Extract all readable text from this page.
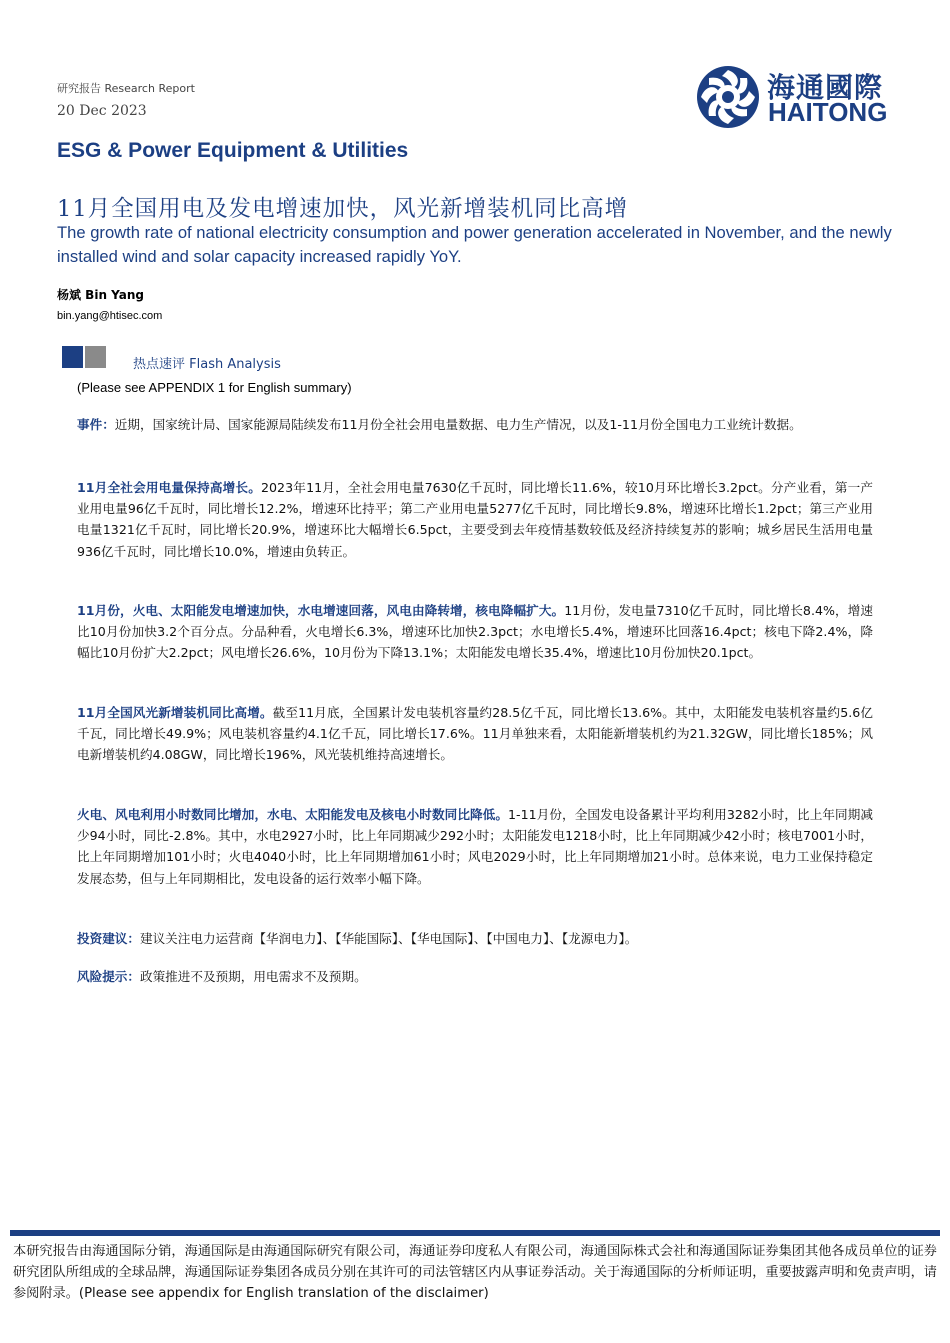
研究报告 Research Report
20 Dec 2023
海通國際
HAITONG
ESG & Power Equipment & Utilities
11月全国用电及发电增速加快，风光新增装机同比高增
The growth rate of national electricity consumption and power generation accelerated in November, and the newly installed wind and solar capacity increased rapidly YoY.
杨斌 Bin Yang
bin.yang@htisec.com
热点速评 Flash Analysis
(Please see APPENDIX 1 for English summary)
事件：近期，国家统计局、国家能源局陆续发布11月份全社会用电量数据、电力生产情况，以及1-11月份全国电力工业统计数据。
11月全社会用电量保持高增长。2023年11月，全社会用电量7630亿千瓦时，同比增长11.6%，较10月环比增长3.2pct。分产业看，第一产业用电量96亿千瓦时，同比增长12.2%，增速环比持平；第二产业用电量5277亿千瓦时，同比增长9.8%，增速环比增长1.2pct；第三产业用电量1321亿千瓦时，同比增长20.9%，增速环比大幅增长6.5pct，主要受到去年疫情基数较低及经济持续复苏的影响；城乡居民生活用电量936亿千瓦时，同比增长10.0%，增速由负转正。
11月份，火电、太阳能发电增速加快，水电增速回落，风电由降转增，核电降幅扩大。11月份，发电量7310亿千瓦时，同比增长8.4%，增速比10月份加快3.2个百分点。分品种看，火电增长6.3%，增速环比加快2.3pct；水电增长5.4%，增速环比回落16.4pct；核电下降2.4%，降幅比10月份扩大2.2pct；风电增长26.6%，10月份为下降13.1%；太阳能发电增长35.4%，增速比10月份加快20.1pct。
11月全国风光新增装机同比高增。截至11月底，全国累计发电装机容量约28.5亿千瓦，同比增长13.6%。其中，太阳能发电装机容量约5.6亿千瓦，同比增长49.9%；风电装机容量约4.1亿千瓦，同比增长17.6%。11月单独来看，太阳能新增装机约为21.32GW，同比增长185%；风电新增装机约4.08GW，同比增长196%，风光装机维持高速增长。
火电、风电利用小时数同比增加，水电、太阳能发电及核电小时数同比降低。1-11月份，全国发电设备累计平均利用3282小时，比上年同期减少94小时，同比-2.8%。其中，水电2927小时，比上年同期减少292小时；太阳能发电1218小时，比上年同期减少42小时；核电7001小时，比上年同期增加101小时；火电4040小时，比上年同期增加61小时；风电2029小时，比上年同期增加21小时。总体来说，电力工业保持稳定发展态势，但与上年同期相比，发电设备的运行效率小幅下降。
投资建议：建议关注电力运营商【华润电力】、【华能国际】、【华电国际】、【中国电力】、【龙源电力】。
风险提示：政策推进不及预期，用电需求不及预期。
本研究报告由海通国际分销，海通国际是由海通国际研究有限公司，海通证券印度私人有限公司，海通国际株式会社和海通国际证券集团其他各成员单位的证券研究团队所组成的全球品牌，海通国际证券集团各成员分别在其许可的司法管辖区内从事证券活动。关于海通国际的分析师证明，重要披露声明和免责声明，请参阅附录。(Please see appendix for English translation of the disclaimer)
